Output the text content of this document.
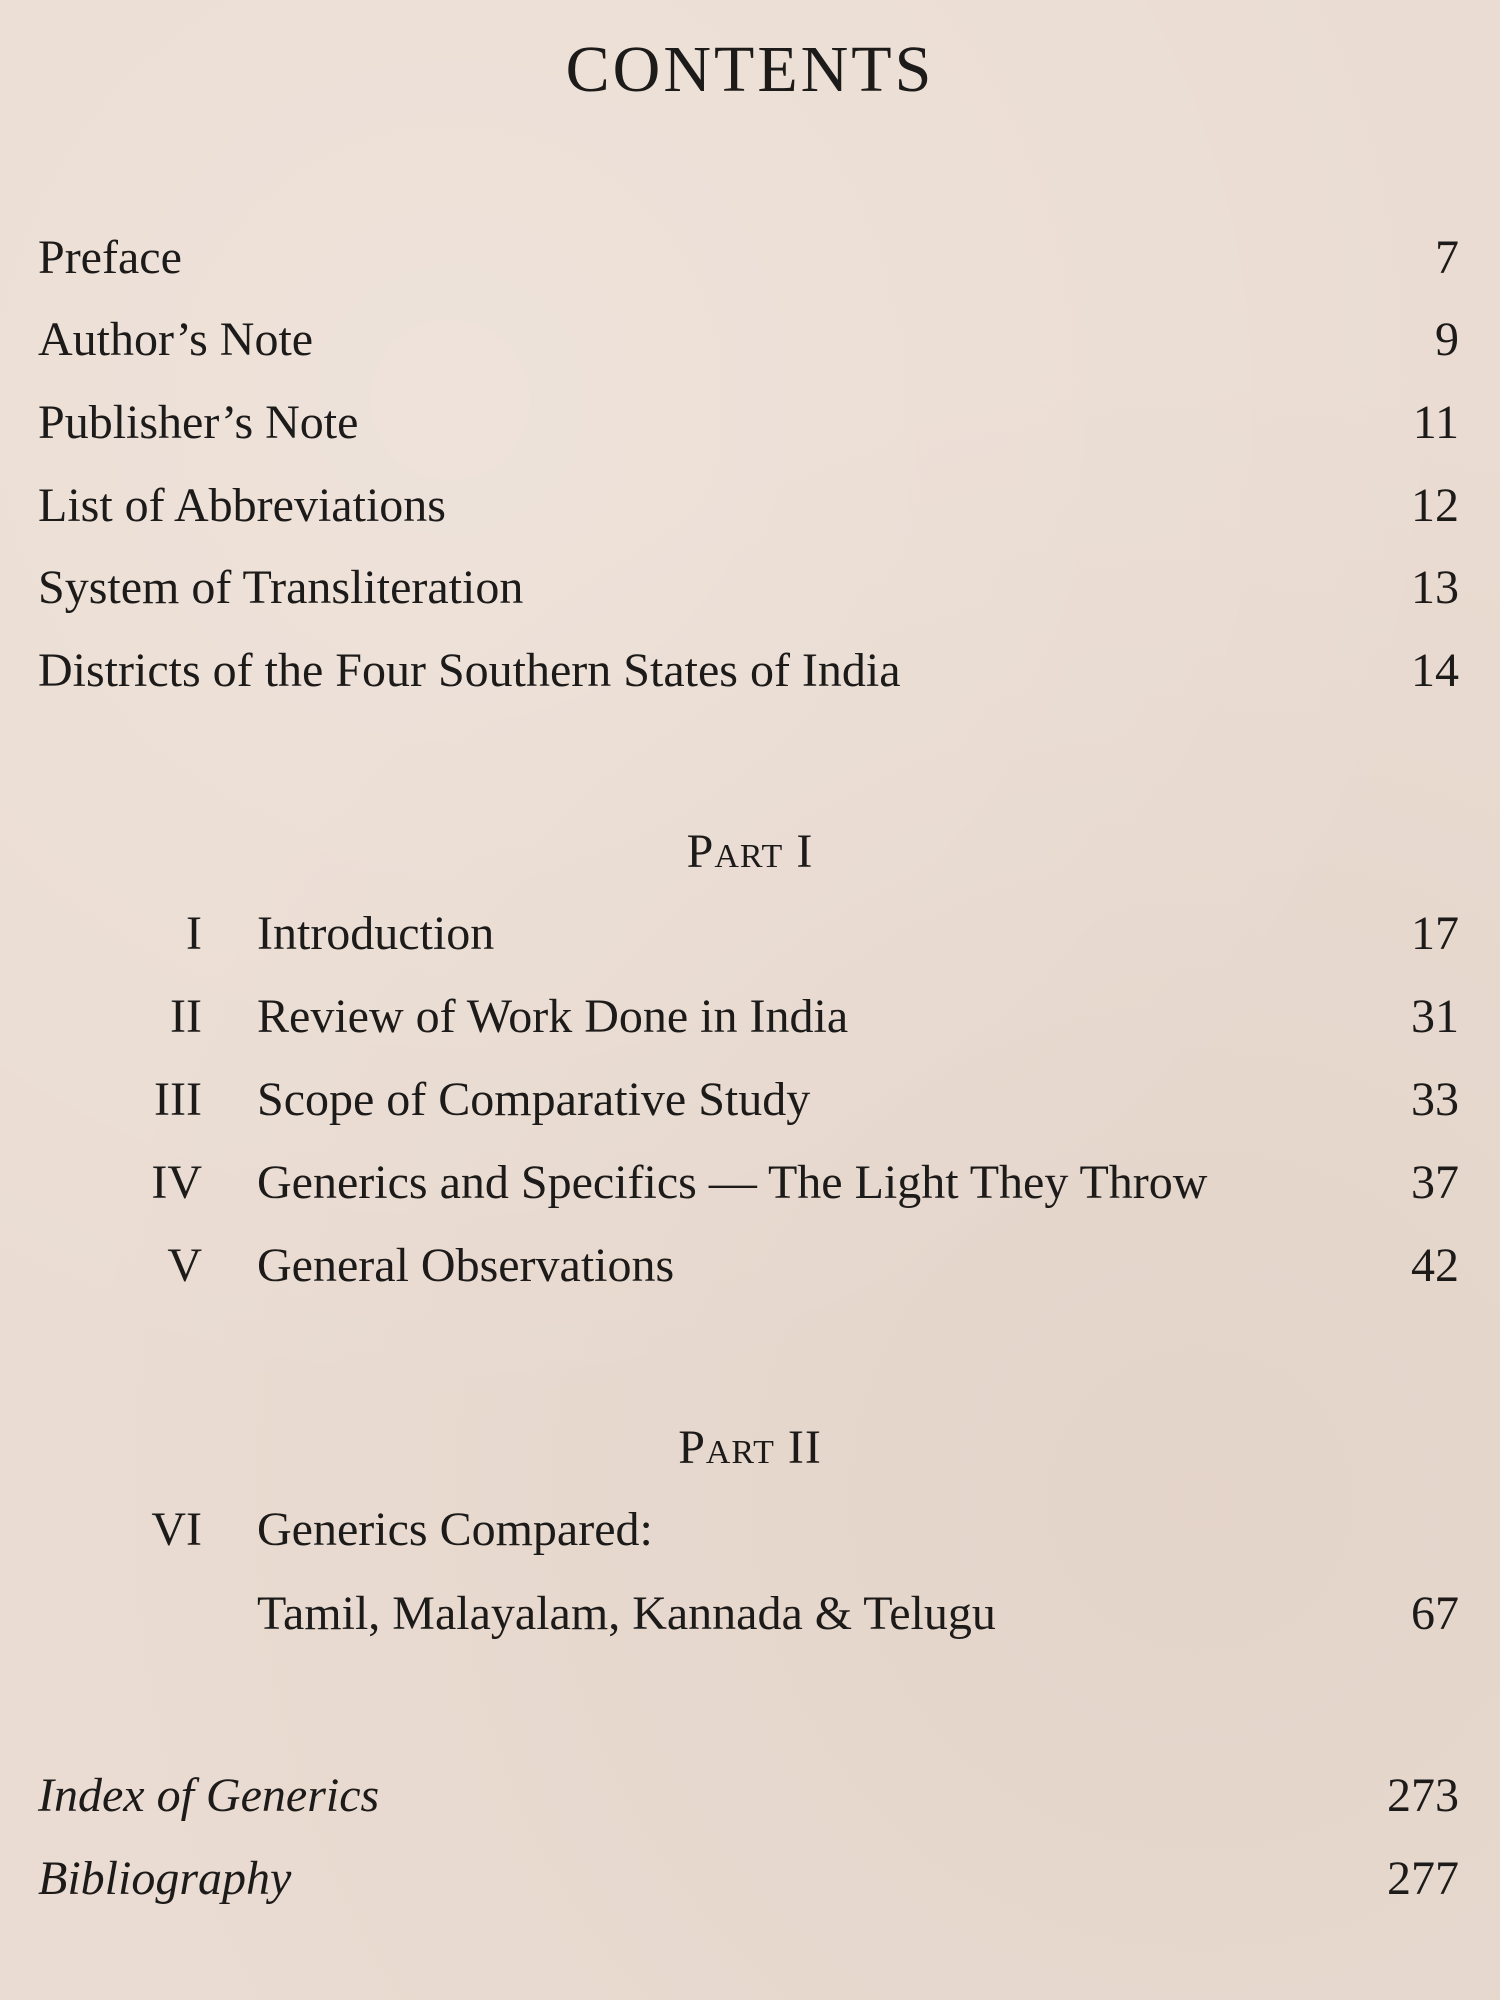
CONTENTS
Preface	7
Author’s Note	9
Publisher’s Note	11
List of Abbreviations	12
System of Transliteration	13
Districts of the Four Southern States of India	14
Part I
I Introduction	17
II Review of Work Done in India	31
III Scope of Comparative Study	33
IV Generics and Specifics — The Light They Throw	37
V General Observations	42
Part II
VI Generics Compared:
Tamil, Malayalam, Kannada & Telugu	67
Index of Generics	273
Bibliography	277
